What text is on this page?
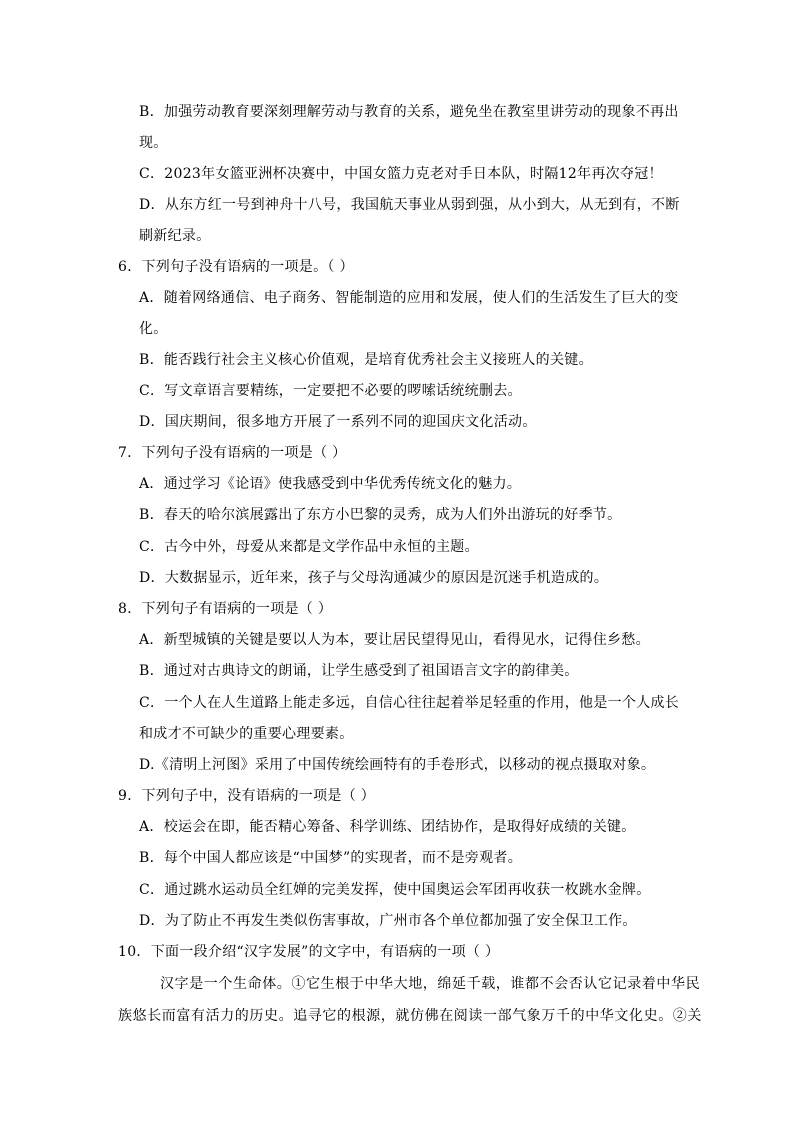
B．加强劳动教育要深刻理解劳动与教育的关系，避免坐在教室里讲劳动的现象不再出
现。
C．2023年女篮亚洲杯决赛中，中国女篮力克老对手日本队，时隔12年再次夺冠！
D．从东方红一号到神舟十八号，我国航天事业从弱到强，从小到大，从无到有，不断
刷新纪录。
6．下列句子没有语病的一项是。（ ）
A．随着网络通信、电子商务、智能制造的应用和发展，使人们的生活发生了巨大的变
化。
B．能否践行社会主义核心价值观，是培育优秀社会主义接班人的关键。
C．写文章语言要精练，一定要把不必要的啰嗦话统统删去。
D．国庆期间，很多地方开展了一系列不同的迎国庆文化活动。
7．下列句子没有语病的一项是（ ）
A．通过学习《论语》使我感受到中华优秀传统文化的魅力。
B．春天的哈尔滨展露出了东方小巴黎的灵秀，成为人们外出游玩的好季节。
C．古今中外，母爱从来都是文学作品中永恒的主题。
D．大数据显示，近年来，孩子与父母沟通减少的原因是沉迷手机造成的。
8．下列句子有语病的一项是（ ）
A．新型城镇的关键是要以人为本，要让居民望得见山，看得见水，记得住乡愁。
B．通过对古典诗文的朗诵，让学生感受到了祖国语言文字的韵律美。
C．一个人在人生道路上能走多远，自信心往往起着举足轻重的作用，他是一个人成长
和成才不可缺少的重要心理要素。
D.《清明上河图》采用了中国传统绘画特有的手卷形式，以移动的视点摄取对象。
9．下列句子中，没有语病的一项是（ ）
A．校运会在即，能否精心筹备、科学训练、团结协作，是取得好成绩的关键。
B．每个中国人都应该是“中国梦”的实现者，而不是旁观者。
C．通过跳水运动员全红婵的完美发挥，使中国奥运会军团再收获一枚跳水金牌。
D．为了防止不再发生类似伤害事故，广州市各个单位都加强了安全保卫工作。
10．下面一段介绍“汉字发展”的文字中，有语病的一项（ ）
汉字是一个生命体。①它生根于中华大地，绵延千载，谁都不会否认它记录着中华民
族悠长而富有活力的历史。追寻它的根源，就仿佛在阅读一部气象万千的中华文化史。②关
